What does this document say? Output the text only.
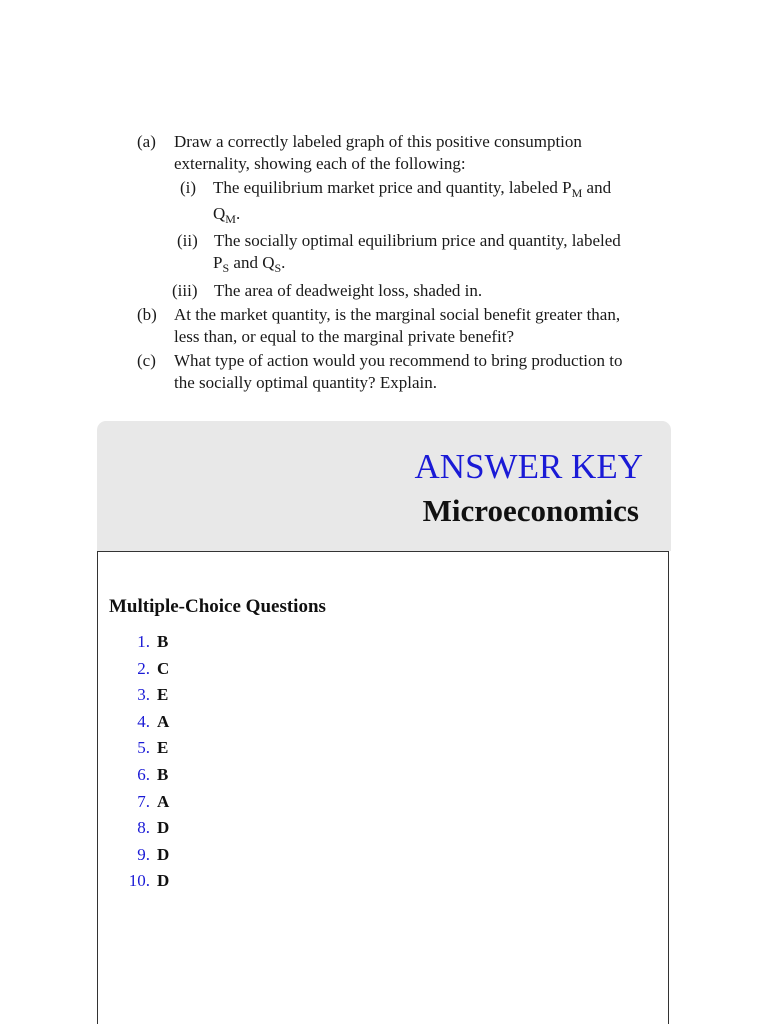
(a) Draw a correctly labeled graph of this positive consumption
externality, showing each of the following:
(i) The equilibrium market price and quantity, labeled $P_M$ and
$Q_M$.
(ii) The socially optimal equilibrium price and quantity, labeled
$P_S$ and $Q_S$.
(iii) The area of deadweight loss, shaded in.
(b) At the market quantity, is the marginal social benefit greater than,
less than, or equal to the marginal private benefit?
(c) What type of action would you recommend to bring production to
the socially optimal quantity? Explain.
ANSWER KEY
Microeconomics
Multiple-Choice Questions
1. B
2. C
3. E
4. A
5. E
6. B
7. A
8. D
9. D
10. D
